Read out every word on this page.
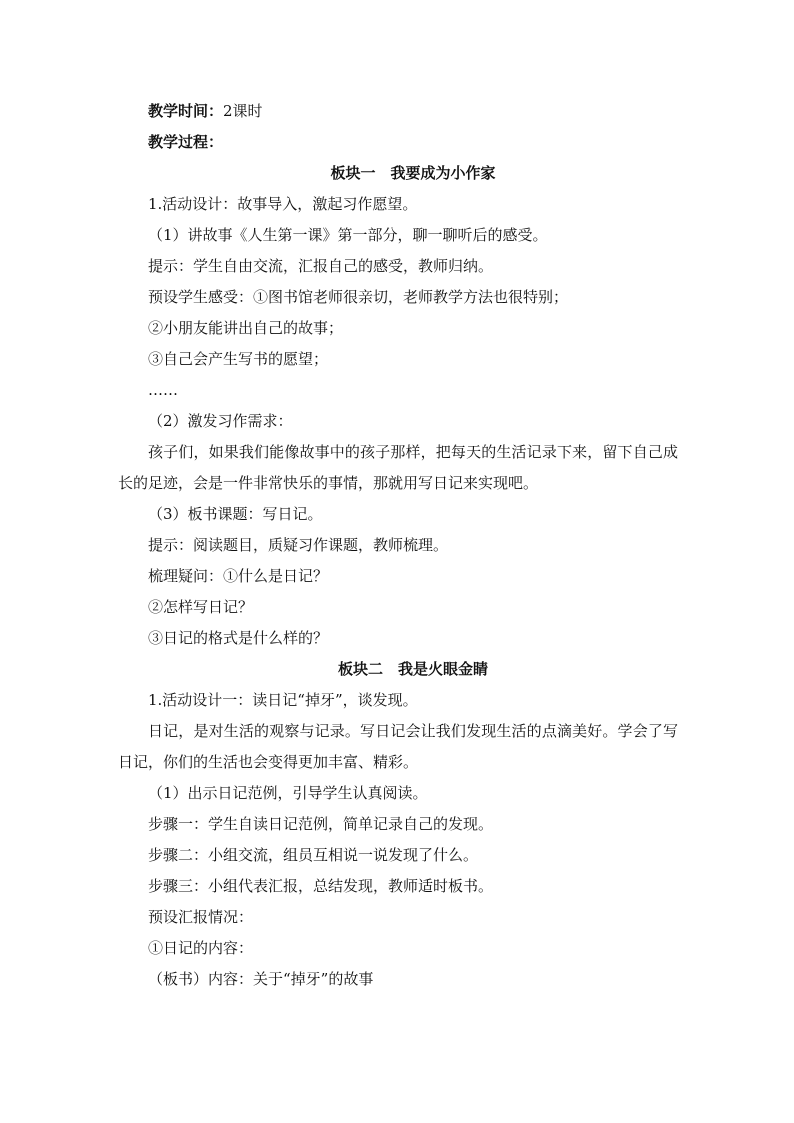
教学时间：2课时
教学过程：
板块一　我要成为小作家
1.活动设计：故事导入，激起习作愿望。
（1）讲故事《人生第一课》第一部分，聊一聊听后的感受。
提示：学生自由交流，汇报自己的感受，教师归纳。
预设学生感受：①图书馆老师很亲切，老师教学方法也很特别；
②小朋友能讲出自己的故事；
③自己会产生写书的愿望；
……
（2）激发习作需求：
孩子们，如果我们能像故事中的孩子那样，把每天的生活记录下来，留下自己成长的足迹，会是一件非常快乐的事情，那就用写日记来实现吧。
（3）板书课题：写日记。
提示：阅读题目，质疑习作课题，教师梳理。
梳理疑问：①什么是日记？
②怎样写日记？
③日记的格式是什么样的？
板块二　我是火眼金睛
1.活动设计一：读日记“掉牙”，谈发现。
日记，是对生活的观察与记录。写日记会让我们发现生活的点滴美好。学会了写日记，你们的生活也会变得更加丰富、精彩。
（1）出示日记范例，引导学生认真阅读。
步骤一：学生自读日记范例，简单记录自己的发现。
步骤二：小组交流，组员互相说一说发现了什么。
步骤三：小组代表汇报，总结发现，教师适时板书。
预设汇报情况：
①日记的内容：
（板书）内容：关于“掉牙”的故事
